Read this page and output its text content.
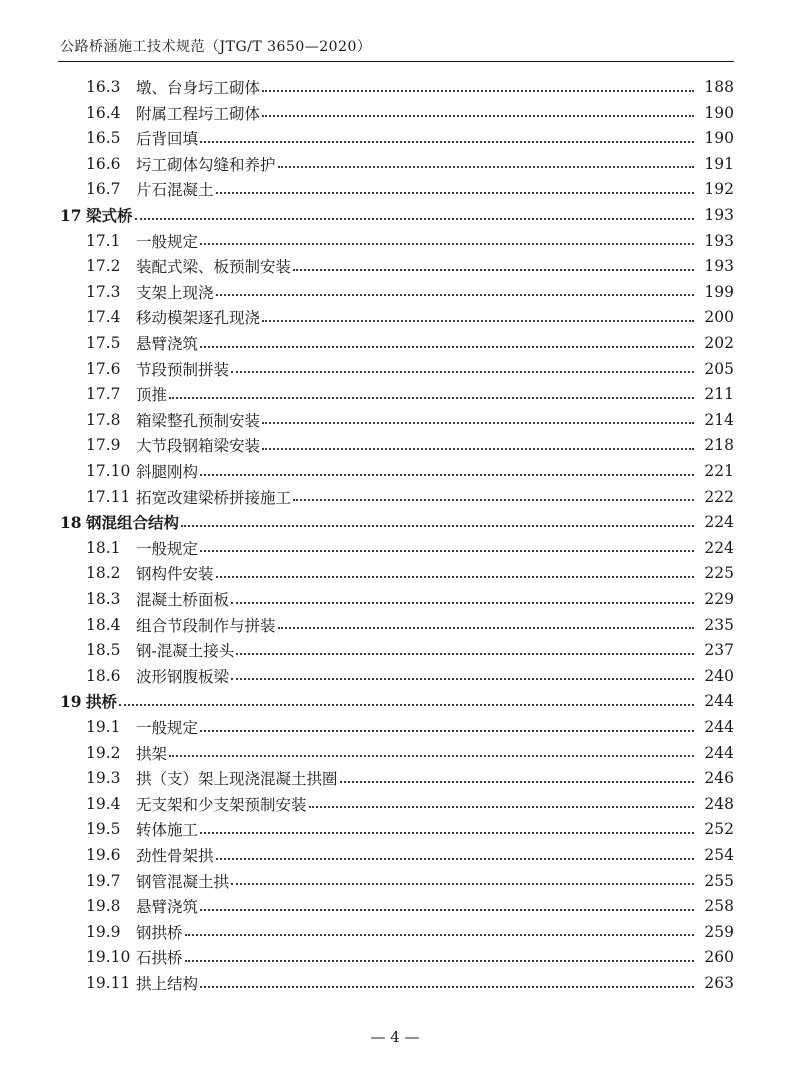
公路桥涵施工技术规范（JTG/T 3650—2020）
16.3 墩、台身圬工砌体	188
16.4 附属工程圬工砌体	190
16.5 后背回填	190
16.6 圬工砌体勾缝和养护	191
16.7 片石混凝土	192
17 梁式桥	193
17.1 一般规定	193
17.2 装配式梁、板预制安装	193
17.3 支架上现浇	199
17.4 移动模架逐孔现浇	200
17.5 悬臂浇筑	202
17.6 节段预制拼装	205
17.7 顶推	211
17.8 箱梁整孔预制安装	214
17.9 大节段钢箱梁安装	218
17.10 斜腿刚构	221
17.11 拓宽改建梁桥拼接施工	222
18 钢混组合结构	224
18.1 一般规定	224
18.2 钢构件安装	225
18.3 混凝土桥面板	229
18.4 组合节段制作与拼装	235
18.5 钢-混凝土接头	237
18.6 波形钢腹板梁	240
19 拱桥	244
19.1 一般规定	244
19.2 拱架	244
19.3 拱（支）架上现浇混凝土拱圈	246
19.4 无支架和少支架预制安装	248
19.5 转体施工	252
19.6 劲性骨架拱	254
19.7 钢管混凝土拱	255
19.8 悬臂浇筑	258
19.9 钢拱桥	259
19.10 石拱桥	260
19.11 拱上结构	263
— 4 —
